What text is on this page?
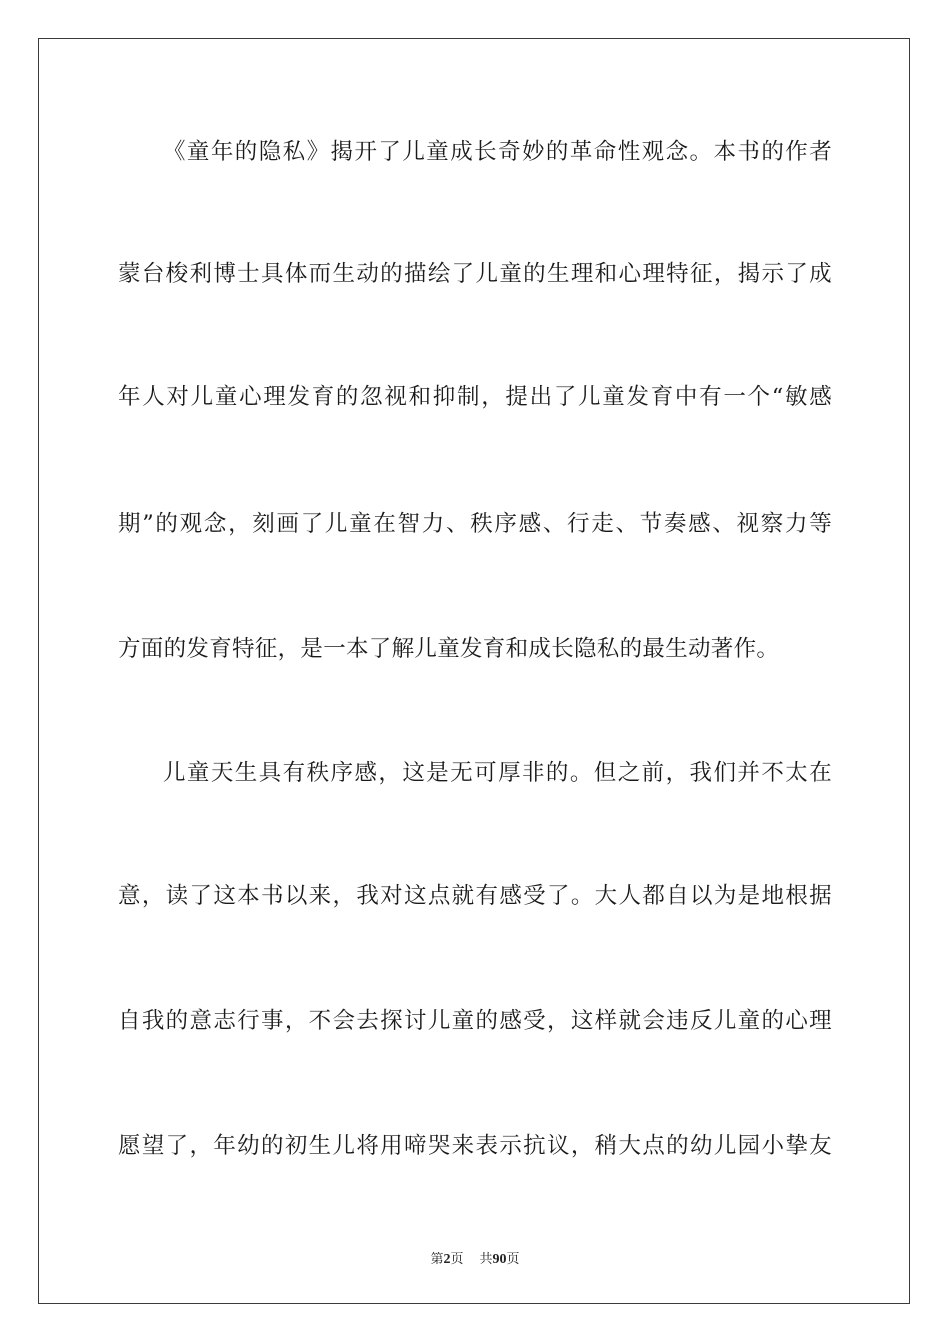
《童年的隐私》揭开了儿童成长奇妙的革命性观念。本书的作者
蒙台梭利博士具体而生动的描绘了儿童的生理和心理特征，揭示了成
年人对儿童心理发育的忽视和抑制，提出了儿童发育中有一个“敏感
期”的观念，刻画了儿童在智力、秩序感、行走、节奏感、视察力等
方面的发育特征，是一本了解儿童发育和成长隐私的最生动著作。
儿童天生具有秩序感，这是无可厚非的。但之前，我们并不太在
意，读了这本书以来，我对这点就有感受了。大人都自以为是地根据
自我的意志行事，不会去探讨儿童的感受，这样就会违反儿童的心理
愿望了，年幼的初生儿将用啼哭来表示抗议，稍大点的幼儿园小挚友
第2页 共90页
